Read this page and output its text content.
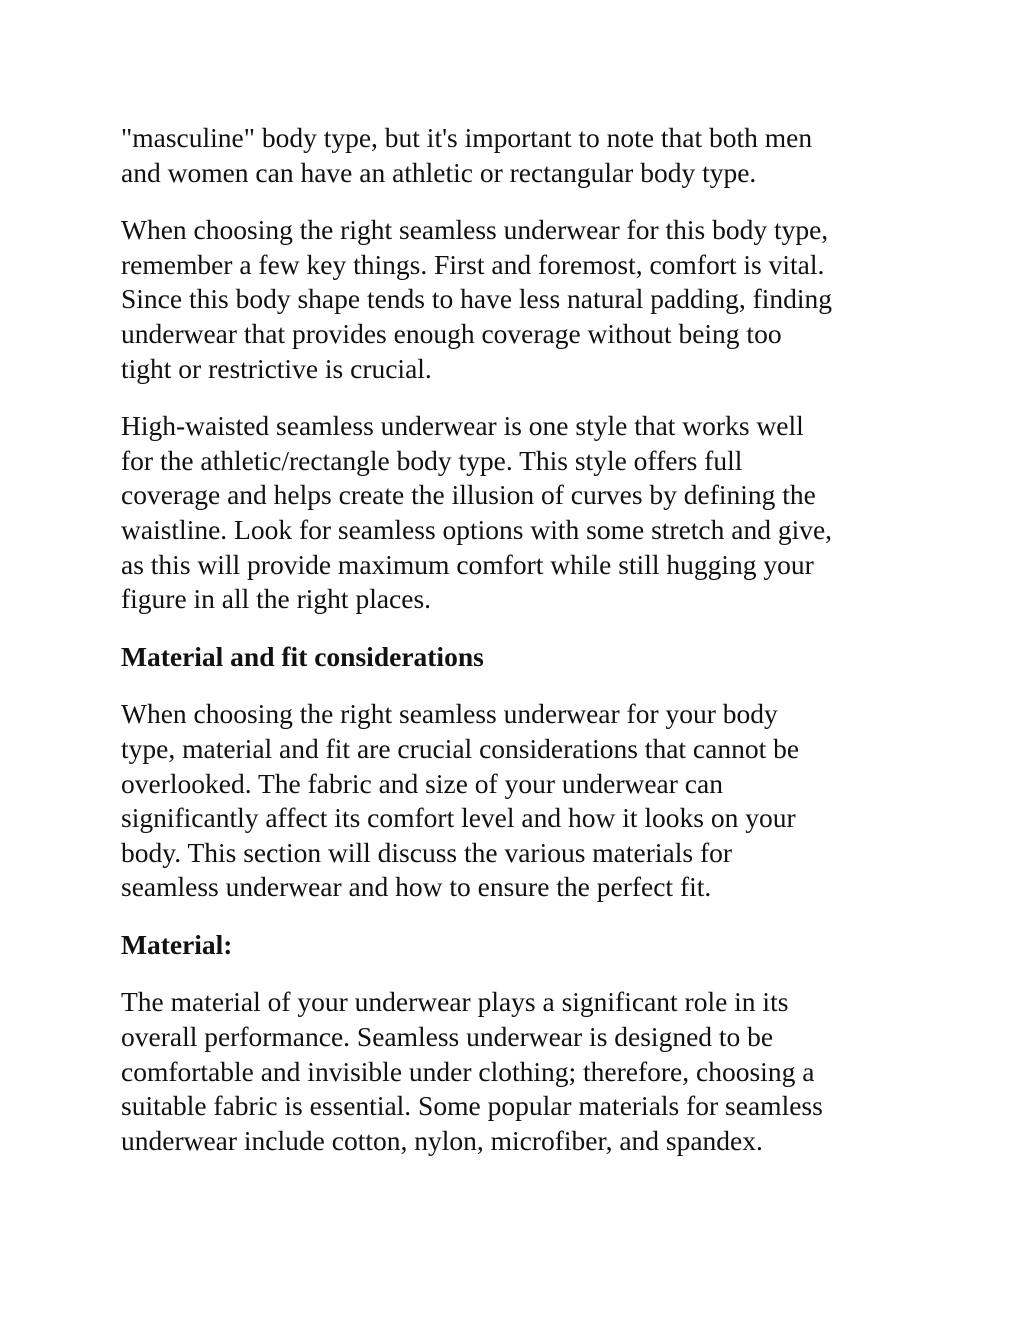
"masculine" body type, but it's important to note that both men
and women can have an athletic or rectangular body type.

When choosing the right seamless underwear for this body type,
remember a few key things. First and foremost, comfort is vital.
Since this body shape tends to have less natural padding, finding
underwear that provides enough coverage without being too
tight or restrictive is crucial.

High-waisted seamless underwear is one style that works well
for the athletic/rectangle body type. This style offers full
coverage and helps create the illusion of curves by defining the
waistline. Look for seamless options with some stretch and give,
as this will provide maximum comfort while still hugging your
figure in all the right places.

Material and fit considerations

When choosing the right seamless underwear for your body
type, material and fit are crucial considerations that cannot be
overlooked. The fabric and size of your underwear can
significantly affect its comfort level and how it looks on your
body. This section will discuss the various materials for
seamless underwear and how to ensure the perfect fit.

Material:

The material of your underwear plays a significant role in its
overall performance. Seamless underwear is designed to be
comfortable and invisible under clothing; therefore, choosing a
suitable fabric is essential. Some popular materials for seamless
underwear include cotton, nylon, microfiber, and spandex.
